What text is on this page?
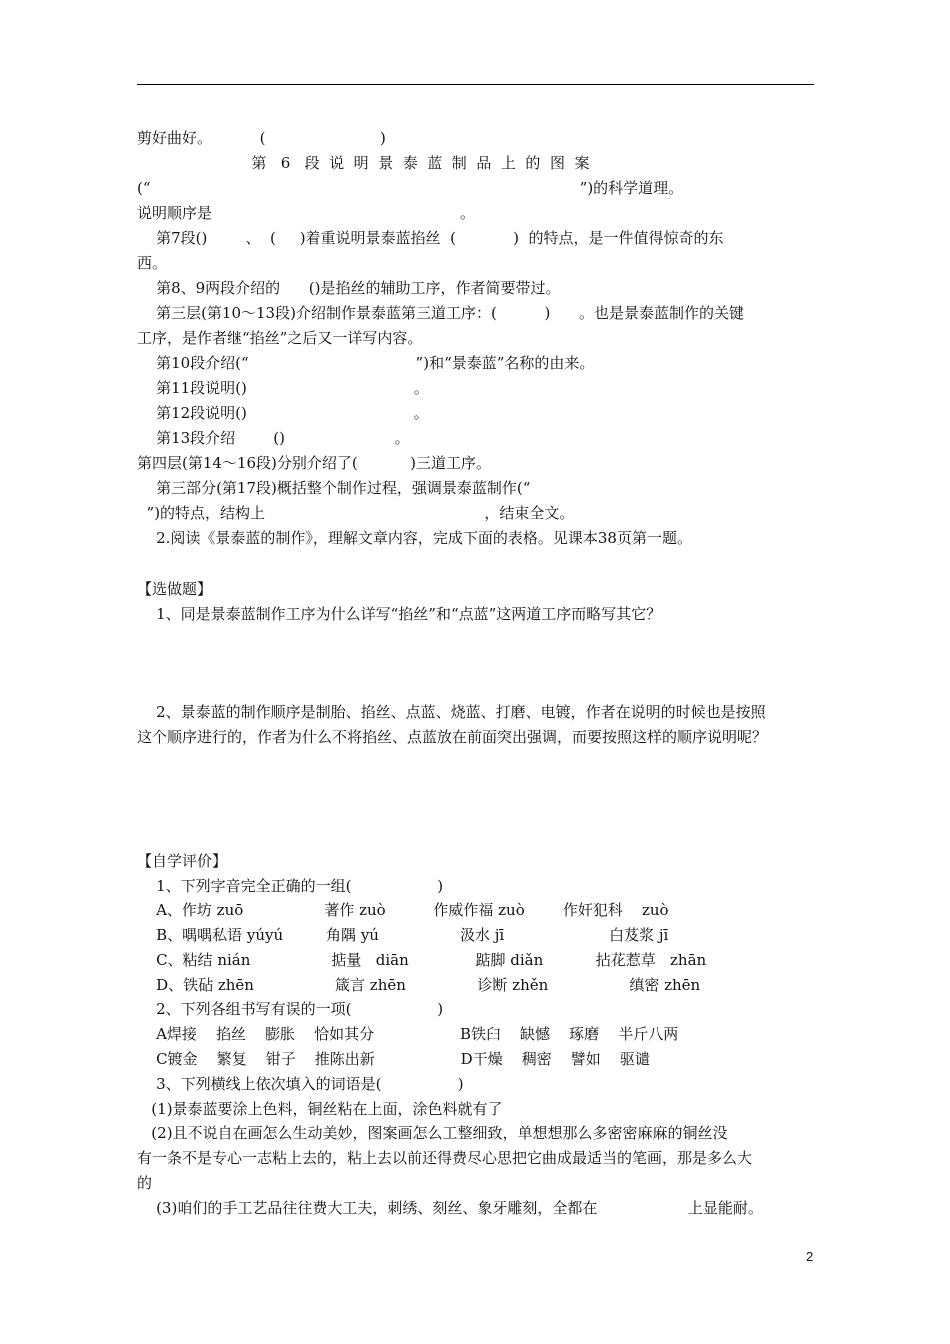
剪好曲好。          (                        )
第   6   段  说  明  景  泰  蓝  制  品  上  的  图  案
(“                                                                                          ”)的科学道理。
说明顺序是                                                    。
第7段()        、  (     )着重说明景泰蓝掐丝  (            )  的特点，是一件值得惊奇的东
西。
第8、9两段介绍的      ()是掐丝的辅助工序，作者简要带过。
第三层(第10～13段)介绍制作景泰蓝第三道工序：(          )      。也是景泰蓝制作的关键
工序，是作者继“掐丝”之后又一详写内容。
第10段介绍(“                                   ”)和“景泰蓝”名称的由来。
第11段说明()                                   。
第12段说明()                                   。
第13段介绍        ()                       。
第四层(第14～16段)分别介绍了(           )三道工序。
第三部分(第17段)概括整个制作过程，强调景泰蓝制作(“
”)的特点，结构上                                              ，结束全文。
2.阅读《景泰蓝的制作》，理解文章内容，完成下面的表格。见课本38页第一题。
【选做题】
1、同是景泰蓝制作工序为什么详写“掐丝”和“点蓝”这两道工序而略写其它？
2、景泰蓝的制作顺序是制胎、掐丝、点蓝、烧蓝、打磨、电镀，作者在说明的时候也是按照
这个顺序进行的，作者为什么不将掐丝、点蓝放在前面突出强调，而要按照这样的顺序说明呢？
【自学评价】
1、下列字音完全正确的一组(                  )
A、作坊 zuō                 著作 zuò          作威作福 zuò        作奸犯科    zuò
B、喁喁私语 yúyú         角隅 yú                 汲水 jī                      白芨浆 jī
C、粘结 nián                 掂量   diān              踮脚 diǎn           拈花惹草   zhān
D、铁砧 zhēn                 箴言 zhēn               诊断 zhěn                 缜密 zhēn
2、下列各组书写有误的一项(                  )
A焊接    掐丝    膨胀    恰如其分                  B铁臼    缺憾    琢磨    半斤八两
C镀金    繁复    钳子    推陈出新                  D干燥    稠密    譬如    驱谴
3、下列横线上依次填入的词语是(                )
(1)景泰蓝要涂上色料，铜丝粘在上面，涂色料就有了
(2)且不说自在画怎么生动美妙，图案画怎么工整细致，单想想那么多密密麻麻的铜丝没
有一条不是专心一志粘上去的，粘上去以前还得费尽心思把它曲成最适当的笔画，那是多么大
的
(3)咱们的手工艺品往往费大工夫，刺绣、刻丝、象牙雕刻，全都在                   上显能耐。
2
